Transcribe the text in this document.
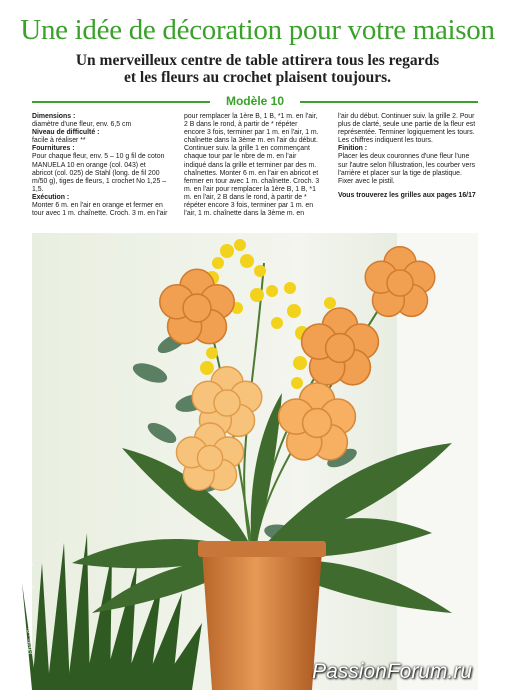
Une idée de décoration pour votre maison
Un merveilleux centre de table attirera tous les regards
et les fleurs au crochet plaisent toujours.
Modèle 10

Dimensions :

diamètre d'une fleur, env. 6,5 cm

Niveau de difficulté :

facile à réaliser **

Fournitures :

Pour chaque fleur, env. 5 – 10 g fil de coton MANUELA 10 en orange (col. 043) et abricot (col. 025) de Stahl (long. de fil 200 m/50 g), tiges de fleurs, 1 crochet No 1,25 – 1,5.

Exécution :

Monter 6 m. en l'air en orange et fermer en tour avec 1 m. chaînette. Croch. 3 m. en l'air

pour remplacer la 1ère B, 1 B, *1 m. en l'air, 2 B dans le rond, à partir de * répéter encore 3 fois, terminer par 1 m. en l'air, 1 m. chaînette dans la 3ème m. en l'air du début. Continuer suiv. la grille 1 en commençant chaque tour par le nbre de m. en l'air indiqué dans la grille et terminer par des m. chaînettes. Monter 6 m. en l'air en abricot et fermer en tour avec 1 m. chaînette. Croch. 3 m. en l'air pour remplacer la 1ère B, 1 B, *1 m. en l'air, 2 B dans le rond, à partir de * répéter encore 3 fois, terminer par 1 m. en l'air, 1 m. chaînette dans la 3ème m. en

l'air du début. Continuer suiv. la grille 2. Pour plus de clarté, seule une partie de la fleur est représentée. Terminer logiquement les tours. Les chiffres indiquent les tours.

Finition :

Placer les deux couronnes d'une fleur l'une sur l'autre selon l'illustration, les courber vers l'arrière et placer sur la tige de plastique. Fixer avec le pistil.

Vous trouverez les grilles aux pages 16/17

Photo : Studio Erwin Wagner – stylisme Ursula Catalani
PassionForum.ru
